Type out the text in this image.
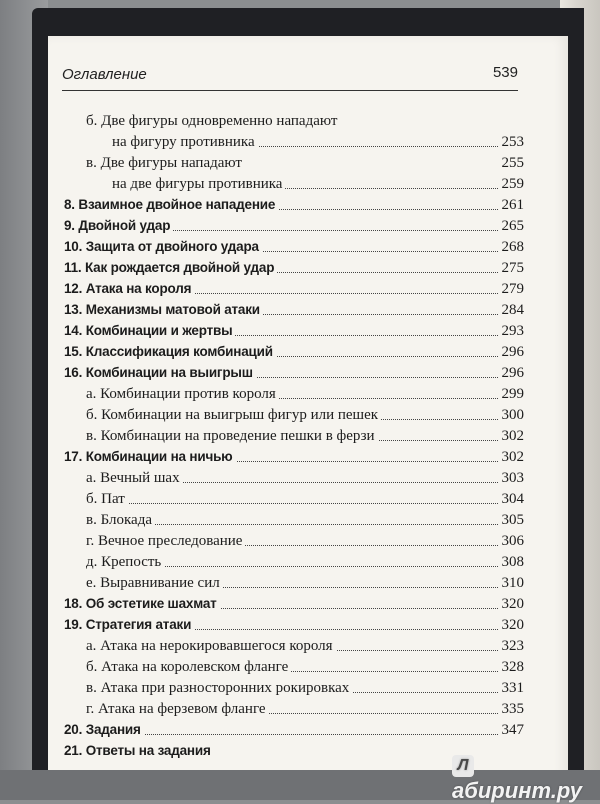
Оглавление	539
б. Две фигуры одновременно нападают
на фигуру противника	253
в. Две фигуры нападают	255
на две фигуры противника	259
8. Взаимное двойное нападение	261
9. Двойной удар	265
10. Защита от двойного удара	268
11. Как рождается двойной удар	275
12. Атака на короля	279
13. Механизмы матовой атаки	284
14. Комбинации и жертвы	293
15. Классификация комбинаций	296
16. Комбинации на выигрыш	296
а. Комбинации против короля	299
б. Комбинации на выигрыш фигур или пешек	300
в. Комбинации на проведение пешки в ферзи	302
17. Комбинации на ничью	302
а. Вечный шах	303
б. Пат	304
в. Блокада	305
г. Вечное преследование	306
д. Крепость	308
е. Выравнивание сил	310
18. Об эстетике шахмат	320
19. Стратегия атаки	320
а. Атака на нерокировавшегося короля	323
б. Атака на королевском фланге	328
в. Атака при разносторонних рокировках	331
г. Атака на ферзевом фланге	335
20. Задания	347
21. Ответы на задания
Лабиринт.ру
